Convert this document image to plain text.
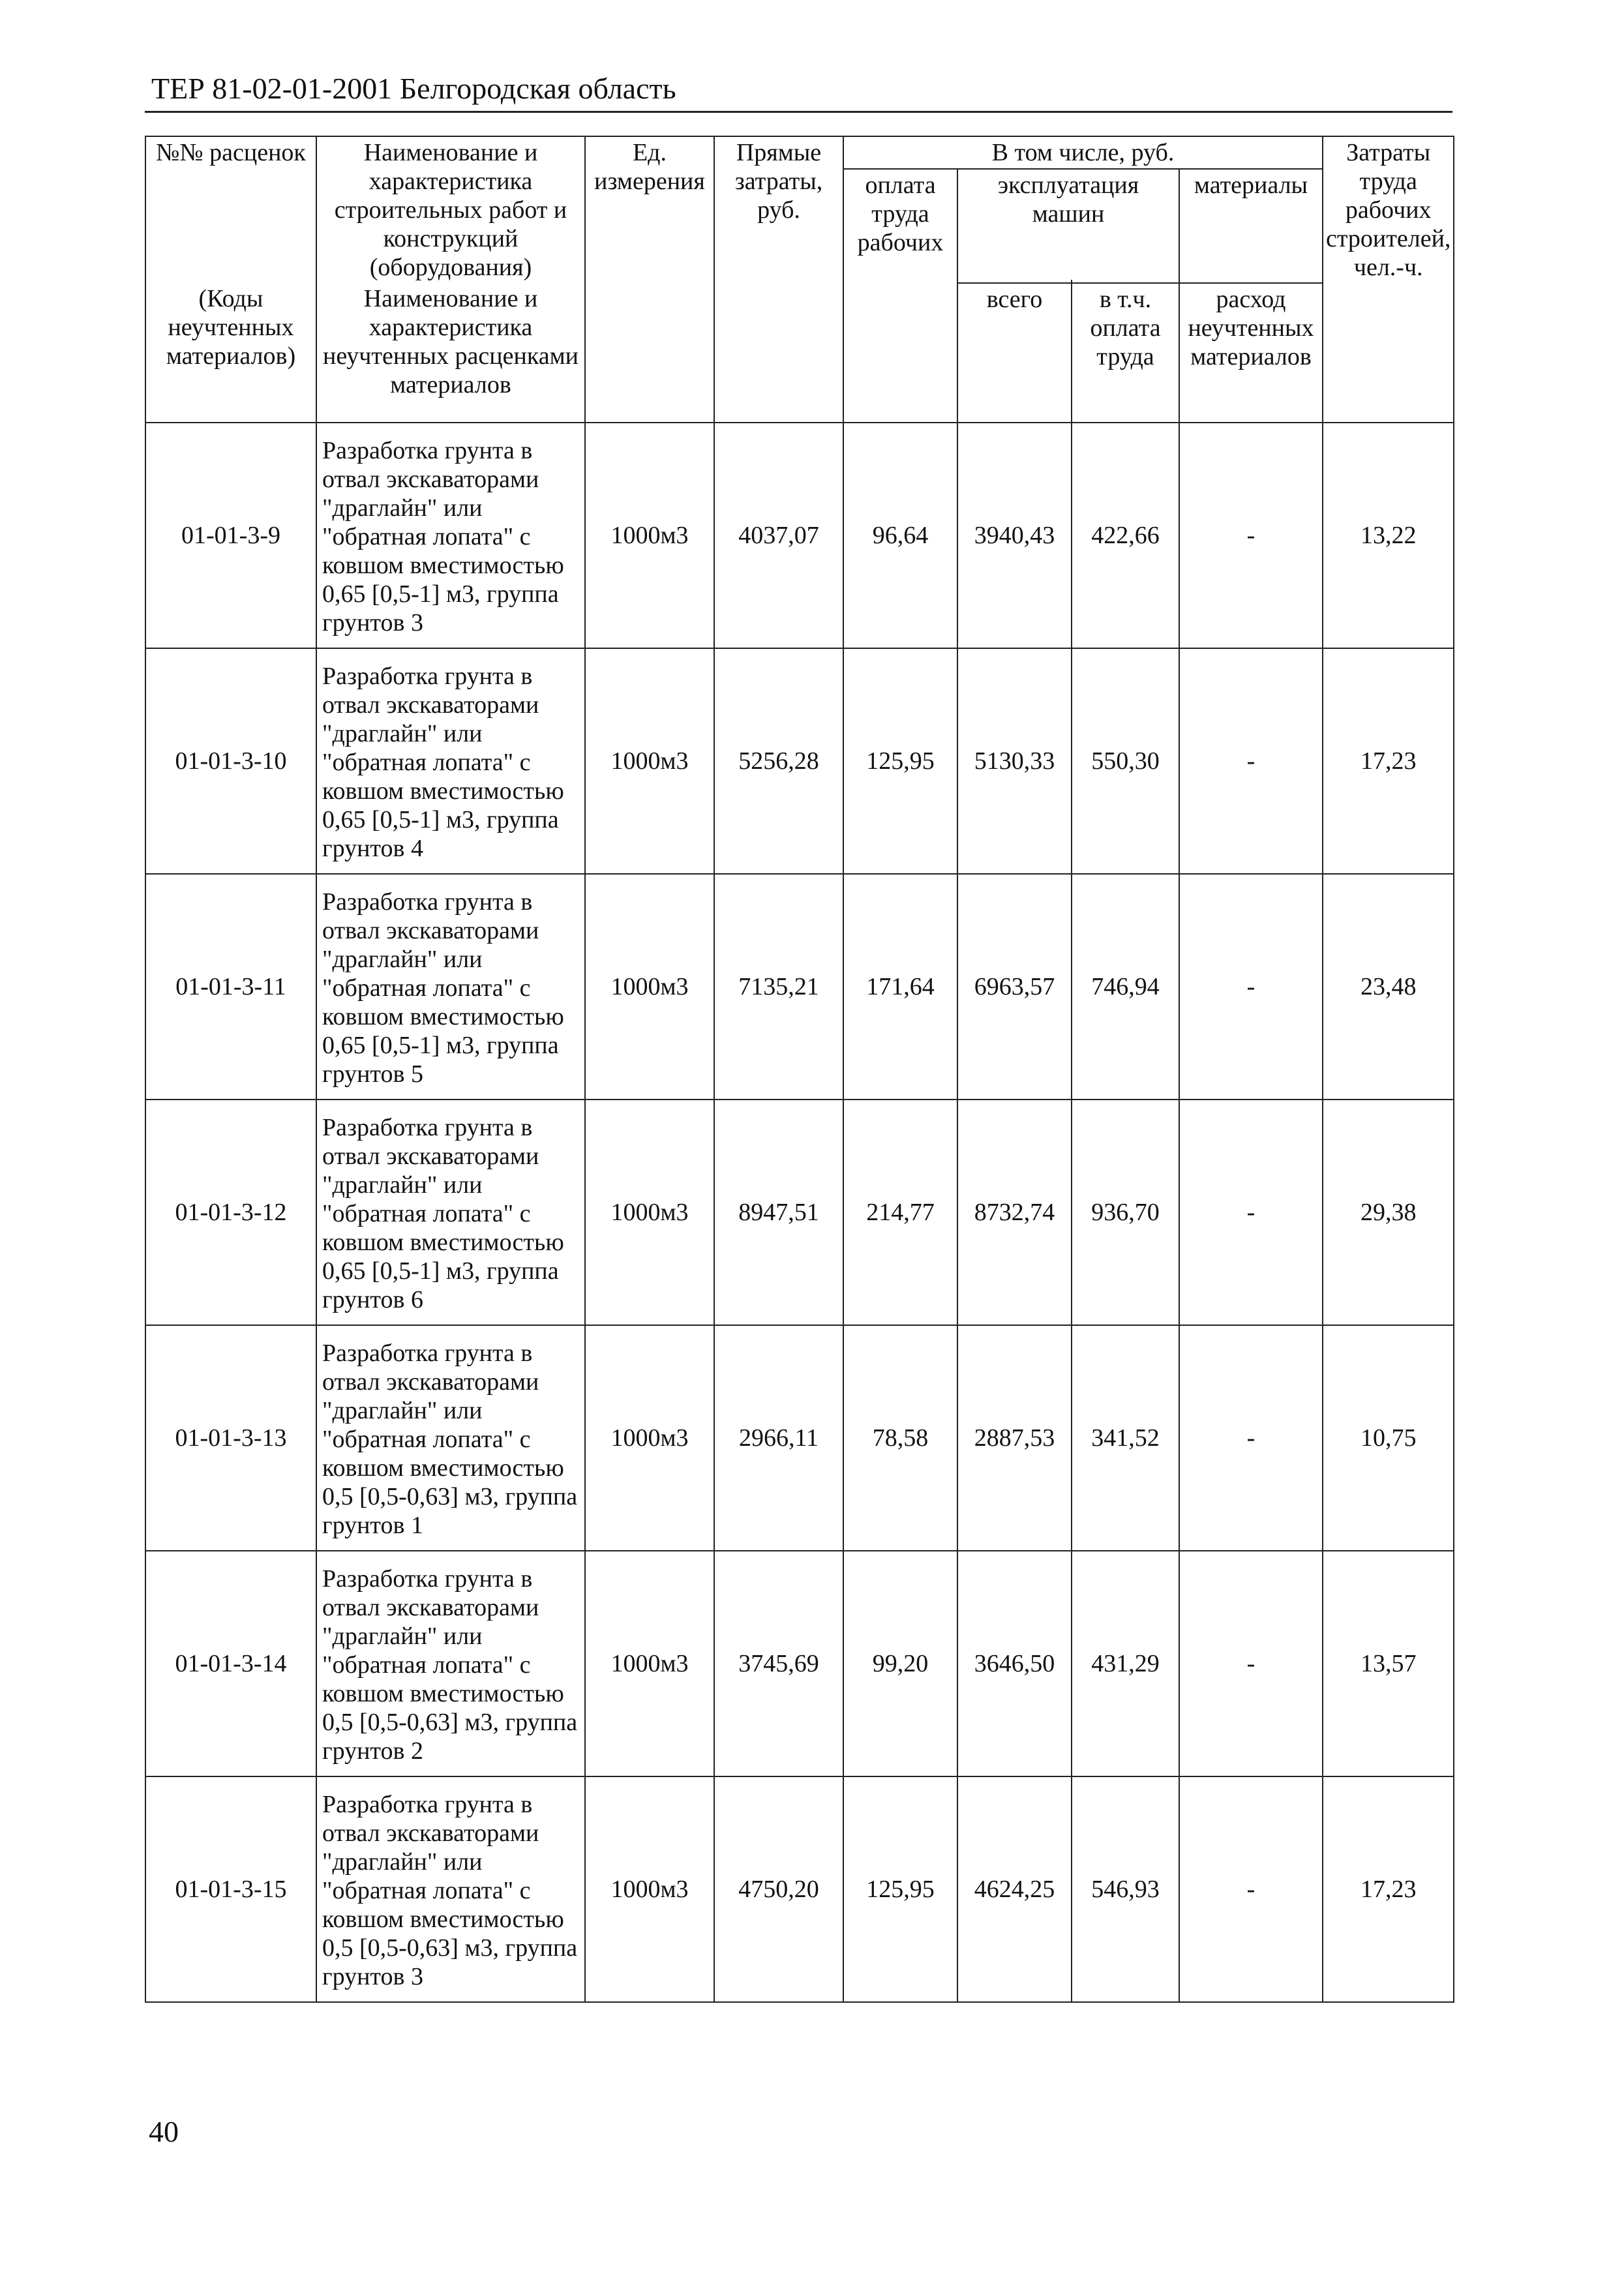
ТЕР 81-02-01-2001 Белгородская область
№№ расценок	Наименование и характеристика строительных работ и конструкций (оборудования)	Ед. измерения	Прямые затраты, руб.	В том числе, руб.				Затраты труда рабочих строителей, чел.-ч.
				оплата труда рабочих	эксплуатация машин		материалы	

(Коды неучтенных материалов)	Наименование и характеристика неучтенных расценками материалов				всего	в т.ч. оплата труда	расход неучтенных материалов	
01-01-3-9	Разработка грунта в отвал экскаваторами "драглайн" или "обратная лопата" с ковшом вместимостью 0,65 [0,5-1] м3, группа грунтов 3	1000м3	4037,07	96,64	3940,43	422,66	-	13,22
01-01-3-10	Разработка грунта в отвал экскаваторами "драглайн" или "обратная лопата" с ковшом вместимостью 0,65 [0,5-1] м3, группа грунтов 4	1000м3	5256,28	125,95	5130,33	550,30	-	17,23
01-01-3-11	Разработка грунта в отвал экскаваторами "драглайн" или "обратная лопата" с ковшом вместимостью 0,65 [0,5-1] м3, группа грунтов 5	1000м3	7135,21	171,64	6963,57	746,94	-	23,48
01-01-3-12	Разработка грунта в отвал экскаваторами "драглайн" или "обратная лопата" с ковшом вместимостью 0,65 [0,5-1] м3, группа грунтов 6	1000м3	8947,51	214,77	8732,74	936,70	-	29,38
01-01-3-13	Разработка грунта в отвал экскаваторами "драглайн" или "обратная лопата" с ковшом вместимостью 0,5 [0,5-0,63] м3, группа грунтов 1	1000м3	2966,11	78,58	2887,53	341,52	-	10,75
01-01-3-14	Разработка грунта в отвал экскаваторами "драглайн" или "обратная лопата" с ковшом вместимостью 0,5 [0,5-0,63] м3, группа грунтов 2	1000м3	3745,69	99,20	3646,50	431,29	-	13,57
01-01-3-15	Разработка грунта в отвал экскаваторами "драглайн" или "обратная лопата" с ковшом вместимостью 0,5 [0,5-0,63] м3, группа грунтов 3	1000м3	4750,20	125,95	4624,25	546,93	-	17,23
40
